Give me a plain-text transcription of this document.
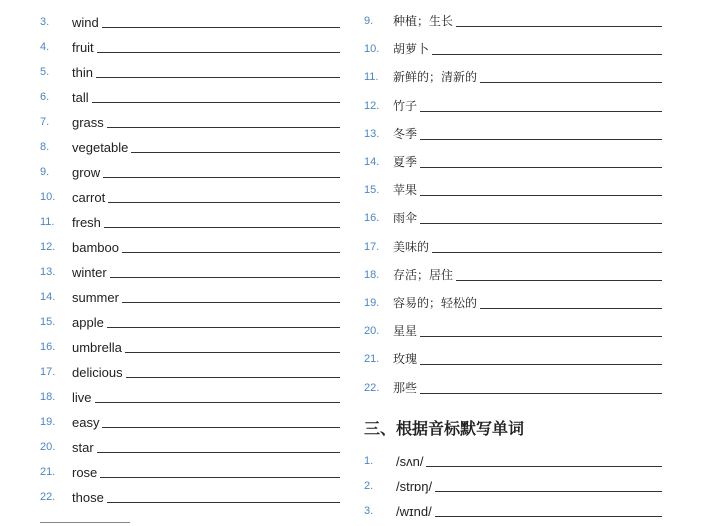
3.	wind
4.	fruit
5.	thin
6.	tall
7.	grass
8.	vegetable
9.	grow
10.	carrot
11.	fresh
12.	bamboo
13.	winter
14.	summer
15.	apple
16.	umbrella
17.	delicious
18.	live
19.	easy
20.	star
21.	rose
22.	those
9.	种植；生长
10.	胡萝卜
11.	新鲜的；清新的
12.	竹子
13.	冬季
14.	夏季
15.	苹果
16.	雨伞
17.	美味的
18.	存活；居住
19.	容易的；轻松的
20.	星星
21.	玫瑰
22.	那些
三、根据音标默写单词
1.	/sʌn/
2.	/strɒŋ/
3.	/wɪnd/
